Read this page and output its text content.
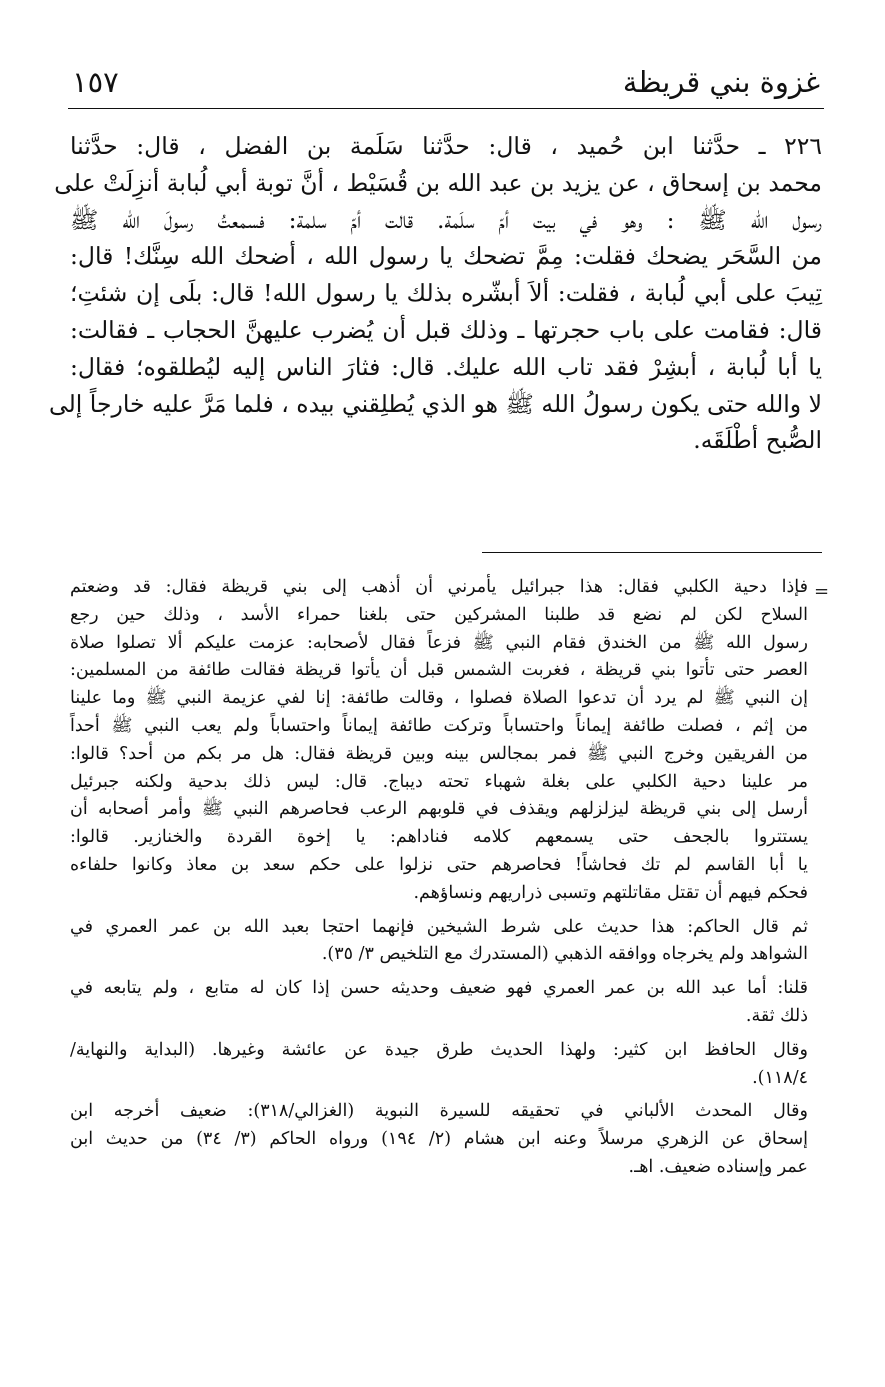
١٥٧	غزوة بني قريظة
٢٢٦ ـ حدَّثنا ابن حُميد ، قال: حدَّثنا سَلَمة بن الفضل ، قال: حدَّثنا
محمد بن إسحاق ، عن يزيد بن عبد الله بن قُسَيْط ، أنَّ توبة أبي لُبابة أنزِلَتْ على
رسول الله ﷺ : وهو في بيت أمّ سلَمة. قالت أمّ سلمة: فسمعتُ رسولَ الله ﷺ
من السَّحَر يضحك فقلت: مِمَّ تضحك يا رسول الله ، أضحك الله سِنَّك! قال:
تِيبَ على أبي لُبابة ، فقلت: ألاَ أبشّره بذلك يا رسول الله! قال: بلَى إن شئتِ؛
قال: فقامت على باب حجرتها ـ وذلك قبل أن يُضرب عليهنَّ الحجاب ـ فقالت:
يا أبا لُبابة ، أبشِرْ فقد تاب الله عليك. قال: فثارَ الناس إليه ليُطلقوه؛ فقال:
لا والله حتى يكون رسولُ الله ﷺ هو الذي يُطلِقني بيده ، فلما مَرَّ عليه خارجاً إلى
الصُّبح أطْلَقَه.
=
فإذا دحية الكلبي فقال: هذا جبرائيل يأمرني أن أذهب إلى بني قريظة فقال: قد وضعتم
السلاح لكن لم نضع قد طلبنا المشركين حتى بلغنا حمراء الأسد ، وذلك حين رجع
رسول الله ﷺ من الخندق فقام النبي ﷺ فزعاً فقال لأصحابه: عزمت عليكم ألا تصلوا صلاة
العصر حتى تأتوا بني قريظة ، فغربت الشمس قبل أن يأتوا قريظة فقالت طائفة من المسلمين:
إن النبي ﷺ لم يرد أن تدعوا الصلاة فصلوا ، وقالت طائفة: إنا لفي عزيمة النبي ﷺ وما علينا
من إثم ، فصلت طائفة إيماناً واحتساباً وتركت طائفة إيماناً واحتساباً ولم يعب النبي ﷺ أحداً
من الفريقين وخرج النبي ﷺ فمر بمجالس بينه وبين قريظة فقال: هل مر بكم من أحد؟ قالوا:
مر علينا دحية الكلبي على بغلة شهباء تحته ديباج. قال: ليس ذلك بدحية ولكنه جبرئيل
أرسل إلى بني قريظة ليزلزلهم ويقذف في قلوبهم الرعب فحاصرهم النبي ﷺ وأمر أصحابه أن
يستتروا بالجحف حتى يسمعهم كلامه فناداهم: يا إخوة القردة والخنازير. قالوا:
يا أبا القاسم لم تك فحاشاً! فحاصرهم حتى نزلوا على حكم سعد بن معاذ وكانوا حلفاءه
فحكم فيهم أن تقتل مقاتلتهم وتسبى ذراريهم ونساؤهم.
ثم قال الحاكم: هذا حديث على شرط الشيخين فإنهما احتجا بعبد الله بن عمر العمري في
الشواهد ولم يخرجاه ووافقه الذهبي (المستدرك مع التلخيص ٣/ ٣٥).
قلنا: أما عبد الله بن عمر العمري فهو ضعيف وحديثه حسن إذا كان له متابع ، ولم يتابعه في
ذلك ثقة.
وقال الحافظ ابن كثير: ولهذا الحديث طرق جيدة عن عائشة وغيرها. (البداية والنهاية/
١١٨/٤).
وقال المحدث الألباني في تحقيقه للسيرة النبوية (الغزالي/٣١٨): ضعيف أخرجه ابن
إسحاق عن الزهري مرسلاً وعنه ابن هشام (٢/ ١٩٤) ورواه الحاكم (٣/ ٣٤) من حديث ابن
عمر وإسناده ضعيف. اهـ.
